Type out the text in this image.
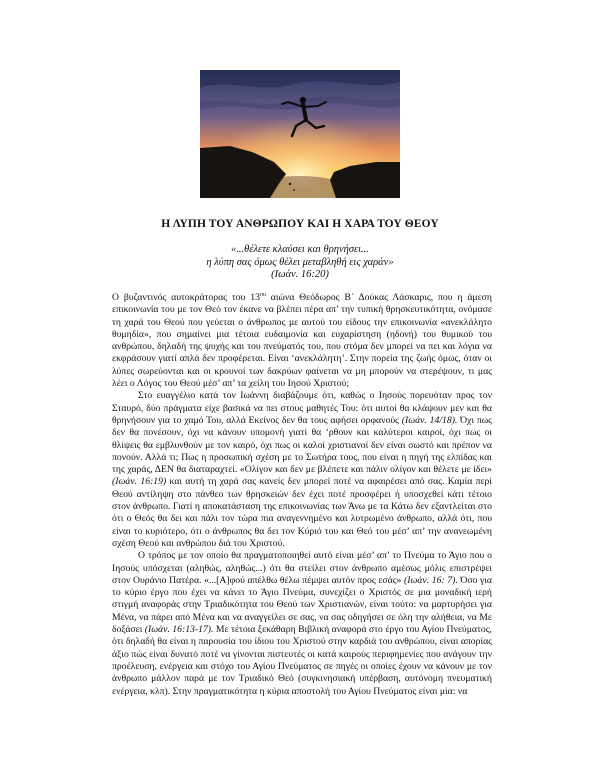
Η ΛΥΠΗ ΤΟΥ ΑΝΘΡΩΠΟΥ ΚΑΙ Η ΧΑΡΑ ΤΟΥ ΘΕΟΥ
«...θέλετε κλαύσει και θρηνήσει...
η λύπη σας όμως θέλει μεταβληθή εις χαράν»
(Ιωάν. 16:20)

Ο βυζαντινός αυτοκράτορας του $13^{o\upsilon}$ αιώνα Θεόδωρος Β΄ Δούκας Λάσκαρις, που η άμεση επικοινωνία του με τον Θεό τον έκανε να βλέπει πέρα απ’ την τυπική θρησκευτικότητα, ονόμασε τη χαρά του Θεού που γεύεται ο άνθρωπος με αυτού του είδους την επικοινωνία «ανεκλάλητο θυμηδία», που σημαίνει μια τέτοια ευδαιμονία και ευχαρίστηση (ηδονή) του θυμικού του ανθρώπου, δηλαδή της ψυχής και του πνεύματός του, που στόμα δεν μπορεί να πει και λόγια να εκφράσουν γιατί απλά δεν προφέρεται. Είναι ‘ανεκλάλητη’. Στην πορεία της ζωής όμως, όταν οι λύπες σωρεύονται και οι κρουνοί των δακρύων φαίνεται να μη μπορούν να στερέψουν, τι μας λέει ο Λόγος του Θεού μέσ’ απ’ τα χείλη του Ιησού Χριστού;

Στο ευαγγέλιο κατά τον Ιωάννη διαβάζουμε ότι, καθώς ο Ιησούς πορευόταν προς τον Σταυρό, δύο πράγματα είχε βασικά να πει στους μαθητές Του: ότι αυτοί θα κλάψουν μεν και θα θρηνήσουν για το χαμό Του, αλλά Εκείνος δεν θα τους αφήσει ορφανούς (Ιωάν. 14/18). Όχι πως δεν θα πονέσουν, όχι να κάνουν υπομονή γιατί θα ‘ρθουν και καλύτεροι καιροί, όχι πως οι θλίψεις θα εμβλυνθούν με τον καιρό, όχι πως οι καλοί χριστιανοί δεν είναι σωστό και πρέπον να πονούν. Αλλά τι; Πως η προσωπική σχέση με το Σωτήρα τους, που είναι η πηγή της ελπίδας και της χαράς, ΔΕΝ θα διαταραχτεί. «Ολίγον και δεν με βλέπετε και πάλιν ολίγον και θέλετε με ίδει» (Ιωάν. 16:19) και αυτή τη χαρά σας κανείς δεν μπορεί ποτέ να αφαιρέσει από σας. Καμία περί Θεού αντίληψη στο πάνθεο των θρησκειών δεν έχει ποτέ προσφέρει ή υποσχεθεί κάτι τέτοιο στον άνθρωπο. Γιατί η αποκατάσταση της επικοινωνίας των Άνω με τα Κάτω δεν εξαντλείται στο ότι ο Θεός θα δει και πάλι τον τώρα πια αναγεννημένο και λυτρωμένο άνθρωπο, αλλά ότι, που είναι το κυριότερο, ότι ο άνθρωπος θα δει τον Κύριό του και Θεό του μέσ’ απ’ την ανανεωμένη σχέση Θεού και ανθρώπου διά του Χριστού.

Ο τρόπος με τον οποίο θα πραγματοποιηθεί αυτό είναι μέσ’ απ’ το Πνεύμα το Άγιο που ο Ιησούς υπόσχεται (αληθώς, αληθώς...) ότι θα στείλει στον άνθρωπο αμέσως μόλις επιστρέψει στον Ουράνιο Πατέρα. «...[Α]φού απέλθω θέλω πέμψει αυτόν προς εσάς» (Ιωάν. 16: 7). Όσο για το κύριο έργο που έχει να κάνει το Άγιο Πνεύμα, συνεχίζει ο Χριστός σε μια μοναδική ιερή στιγμή αναφοράς στην Τριαδικότητα του Θεού των Χριστιανών, είναι τούτο: να μαρτυρήσει για Μένα, να πάρει από Μένα και να αναγγείλει σε σας, να σας οδηγήσει σε όλη την αλήθεια, να Με δοξάσει (Ιωάν. 16:13-17). Με τέτοια ξεκάθαρη Βιβλική αναφορά στο έργο του Αγίου Πνεύματος, ότι δηλαδή θα είναι η παρουσία του ίδιου του Χριστού στην καρδιά του ανθρώπου, είναι απορίας άξιο πώς είναι δυνατό ποτέ να γίνονται πιστευτές οι κατά καιρούς περιφημενίες που ανάγουν την προέλευση, ενέργεια και στόχο του Αγίου Πνεύματος σε πηγές οι οποίες έχουν να κάνουν με τον άνθρωπο μάλλον παρά με τον Τριαδικό Θεό (συγκινησιακή υπέρβαση, αυτόνομη πνευματική ενέργεια, κλπ). Στην πραγματικότητα η κύρια αποστολή του Αγίου Πνεύματος είναι μία: να
